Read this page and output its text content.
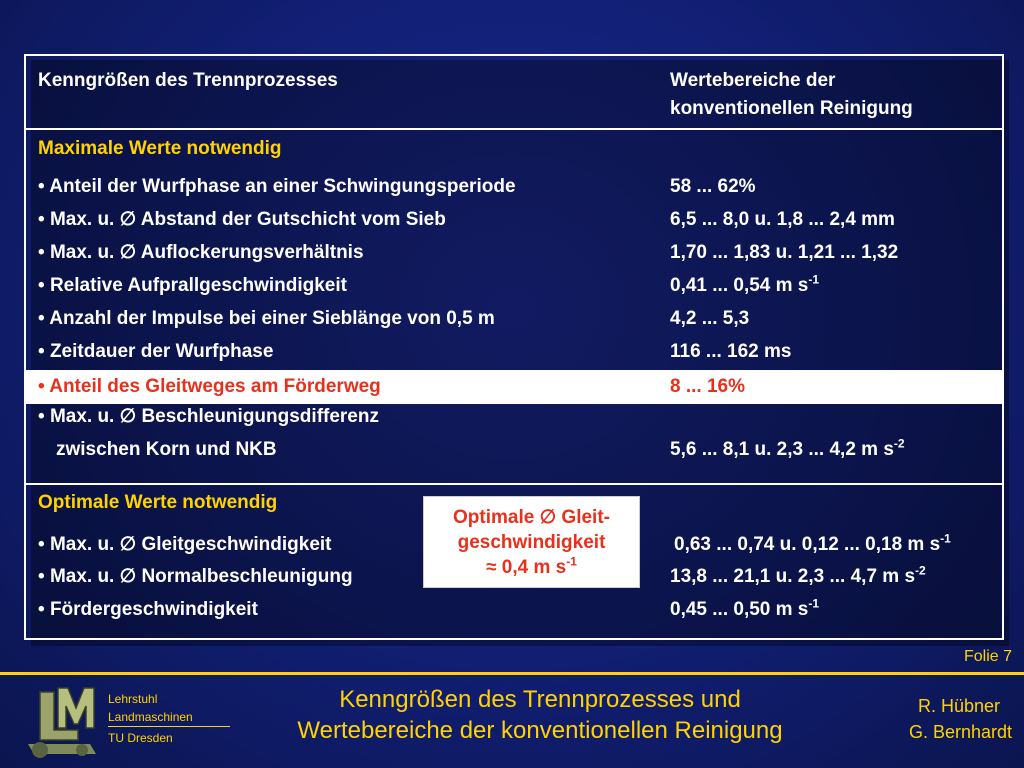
Kenngrößen des Trennprozesses	Wertebereiche der
konventionellen Reinigung
Maximale Werte notwendig
• Anteil der Wurfphase an einer Schwingungsperiode	58 ... 62%
• Max. u. ∅ Abstand der Gutschicht vom Sieb	6,5 ... 8,0 u. 1,8 ... 2,4 mm
• Max. u. ∅ Auflockerungsverhältnis	1,70 ... 1,83 u. 1,21 ... 1,32
• Relative Aufprallgeschwindigkeit	0,41 ... 0,54 m $s^{-1}$
• Anzahl der Impulse bei einer Sieblänge von 0,5 m	4,2 ... 5,3
• Zeitdauer der Wurfphase	116 ... 162 ms
• Anteil des Gleitweges am Förderweg	8 ... 16%
• Max. u. ∅ Beschleunigungsdifferenz
zwischen Korn und NKB	5,6 ... 8,1 u. 2,3 ... 4,2 m $s^{-2}$
Optimale Werte notwendig
• Max. u. ∅ Gleitgeschwindigkeit	0,63 ... 0,74 u. 0,12 ... 0,18 m $s^{-1}$
• Max. u. ∅ Normalbeschleunigung	13,8 ... 21,1 u. 2,3 ... 4,7 m $s^{-2}$
• Fördergeschwindigkeit	0,45 ... 0,50 m $s^{-1}$
Optimale ∅ Gleit-
geschwindigkeit
≈ 0,4 m $s^{-1}$
Folie 7
Lehrstuhl
Landmaschinen
TU Dresden
Kenngrößen des Trennprozesses und
Wertebereiche der konventionellen Reinigung
R. Hübner
G. Bernhardt
